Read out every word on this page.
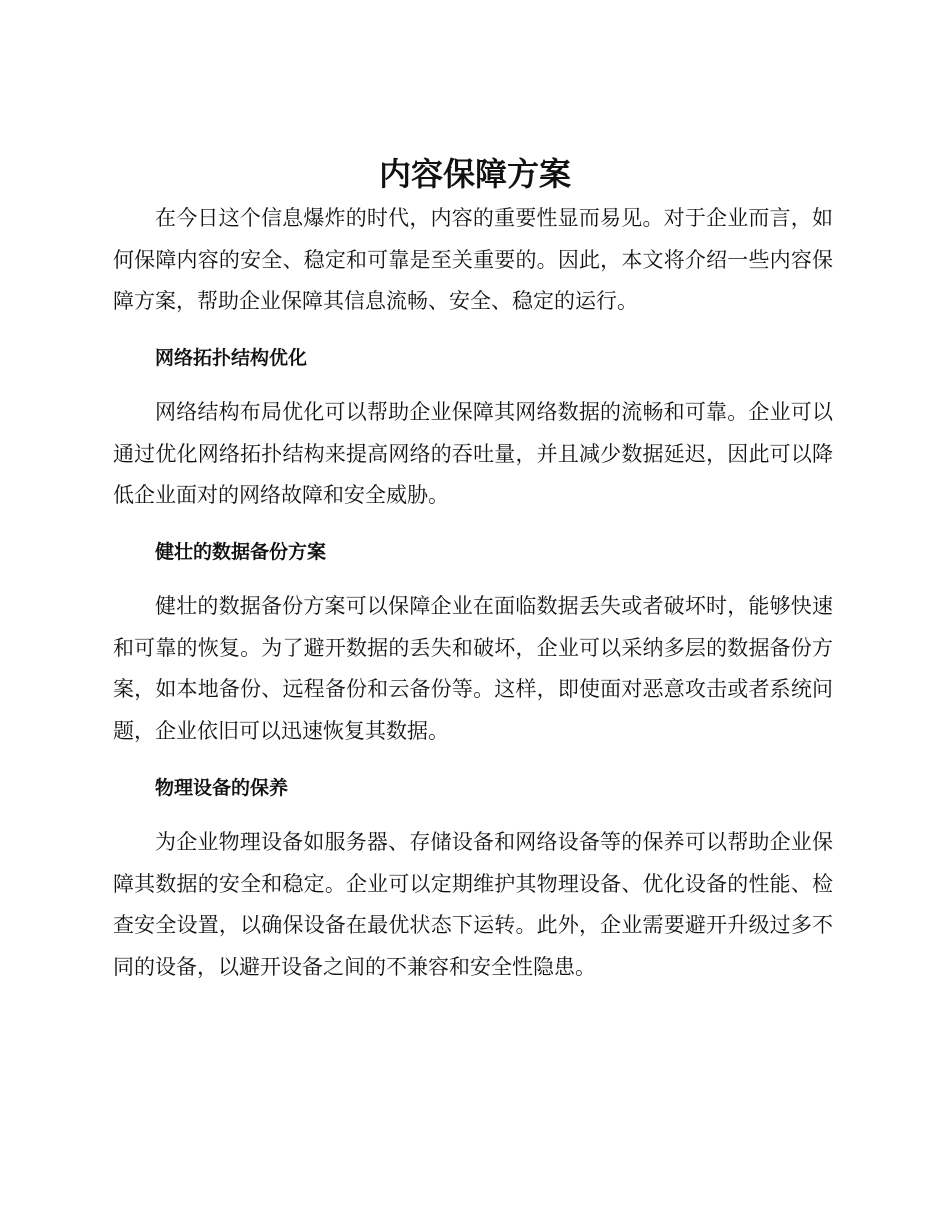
内容保障方案

在今日这个信息爆炸的时代，内容的重要性显而易见。对于企业而言，如何保障内容的安全、稳定和可靠是至关重要的。因此，本文将介绍一些内容保障方案，帮助企业保障其信息流畅、安全、稳定的运行。

网络拓扑结构优化

网络结构布局优化可以帮助企业保障其网络数据的流畅和可靠。企业可以通过优化网络拓扑结构来提高网络的吞吐量，并且减少数据延迟，因此可以降低企业面对的网络故障和安全威胁。

健壮的数据备份方案

健壮的数据备份方案可以保障企业在面临数据丢失或者破坏时，能够快速和可靠的恢复。为了避开数据的丢失和破坏，企业可以采纳多层的数据备份方案，如本地备份、远程备份和云备份等。这样，即使面对恶意攻击或者系统问题，企业依旧可以迅速恢复其数据。

物理设备的保养

为企业物理设备如服务器、存储设备和网络设备等的保养可以帮助企业保障其数据的安全和稳定。企业可以定期维护其物理设备、优化设备的性能、检查安全设置，以确保设备在最优状态下运转。此外，企业需要避开升级过多不同的设备，以避开设备之间的不兼容和安全性隐患。
